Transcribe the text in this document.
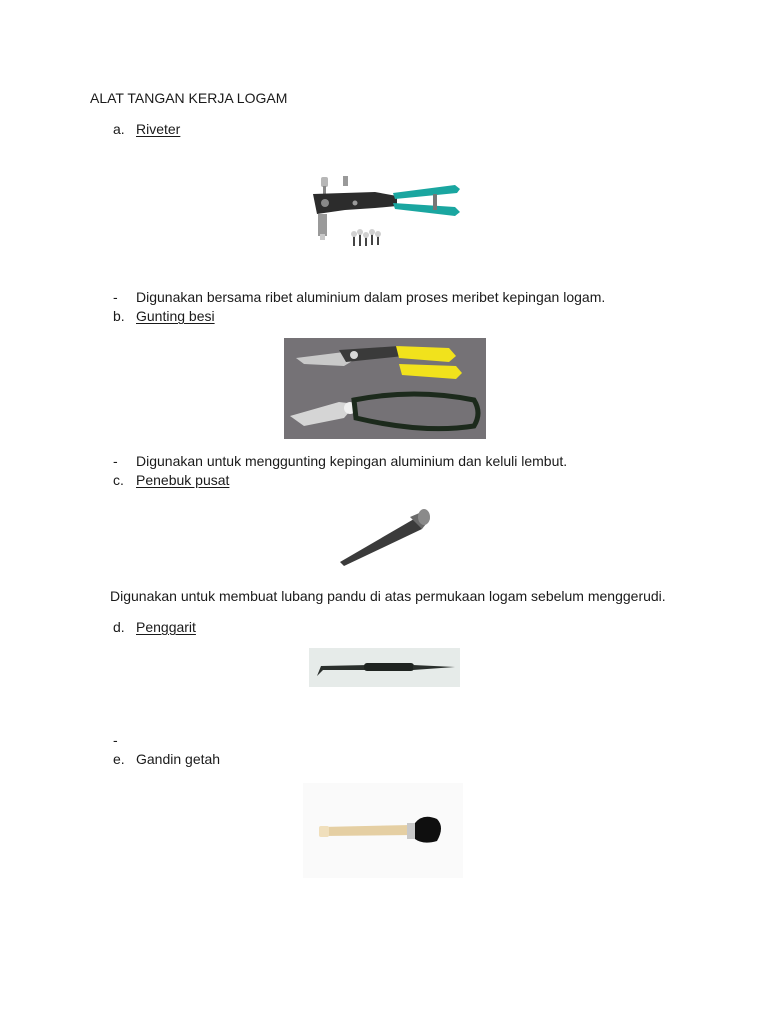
ALAT TANGAN KERJA LOGAM
a. Riveter
- Digunakan bersama ribet aluminium dalam proses meribet kepingan logam.
b. Gunting besi
- Digunakan untuk menggunting kepingan aluminium dan keluli lembut.
c. Penebuk pusat
Digunakan untuk membuat lubang pandu di atas permukaan logam sebelum menggerudi.
d. Penggarit
-
e. Gandin getah
